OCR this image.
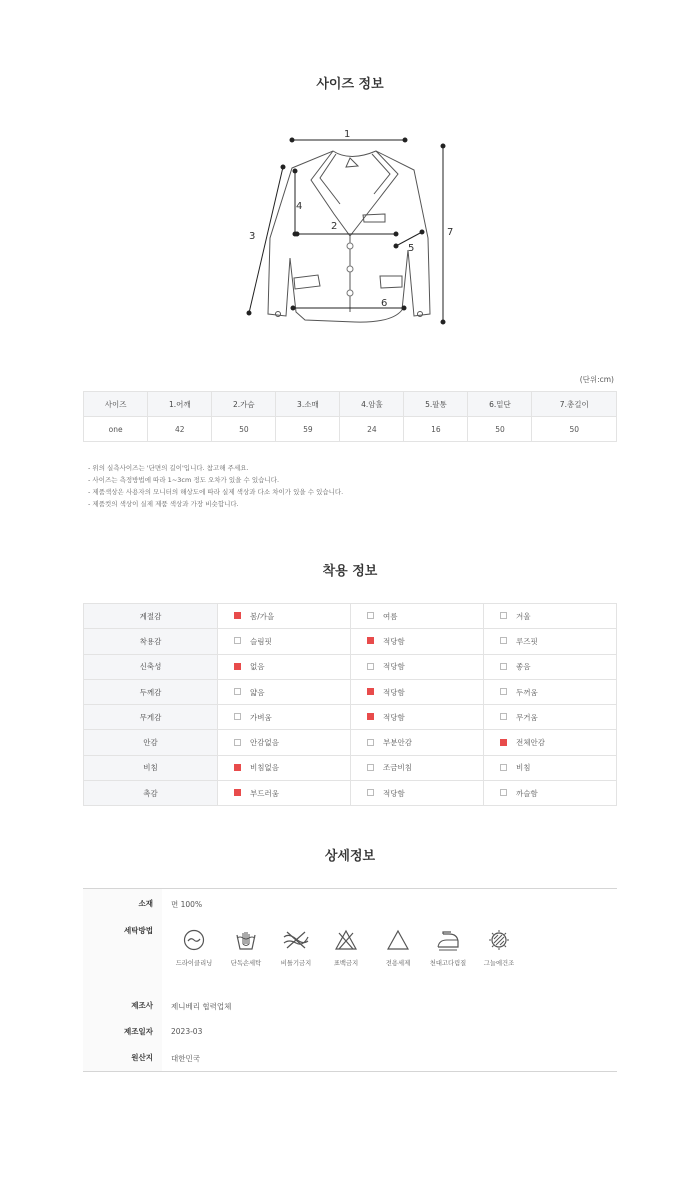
사이즈 정보
1
2
3
4
5
6
7
(단위:cm)
사이즈	1.어깨	2.가슴	3.소매	4.암홀	5.팔통	6.밑단	7.총길이
one	42	50	59	24	16	50	50
- 위의 실측사이즈는 '단면의 길이'입니다. 참고해 주세요.
- 사이즈는 측정방법에 따라 1~3cm 정도 오차가 있을 수 있습니다.
- 제품색상은 사용자의 모니터의 해상도에 따라 실제 색상과 다소 차이가 있을 수 있습니다.
- 제품컷의 색상이 실제 제품 색상과 가장 비슷합니다.
착용 정보
계절감	봄/가을	여름	겨울
착용감	슬림핏	적당함	루즈핏
신축성	없음	적당함	좋음
두께감	얇음	적당함	두꺼움
무게감	가벼움	적당함	무거움
안감	안감없음	부분안감	전체안감
비침	비침없음	조금비침	비침
촉감	부드러움	적당함	까슬함
상세정보
소재 면 100%
세탁방법
드라이클리닝	단독손세탁	비틀기금지	표백금지	전용세제	천대고다림질	그늘에건조
제조사 제니베리 협력업체
제조일자 2023-03
원산지 대한민국
